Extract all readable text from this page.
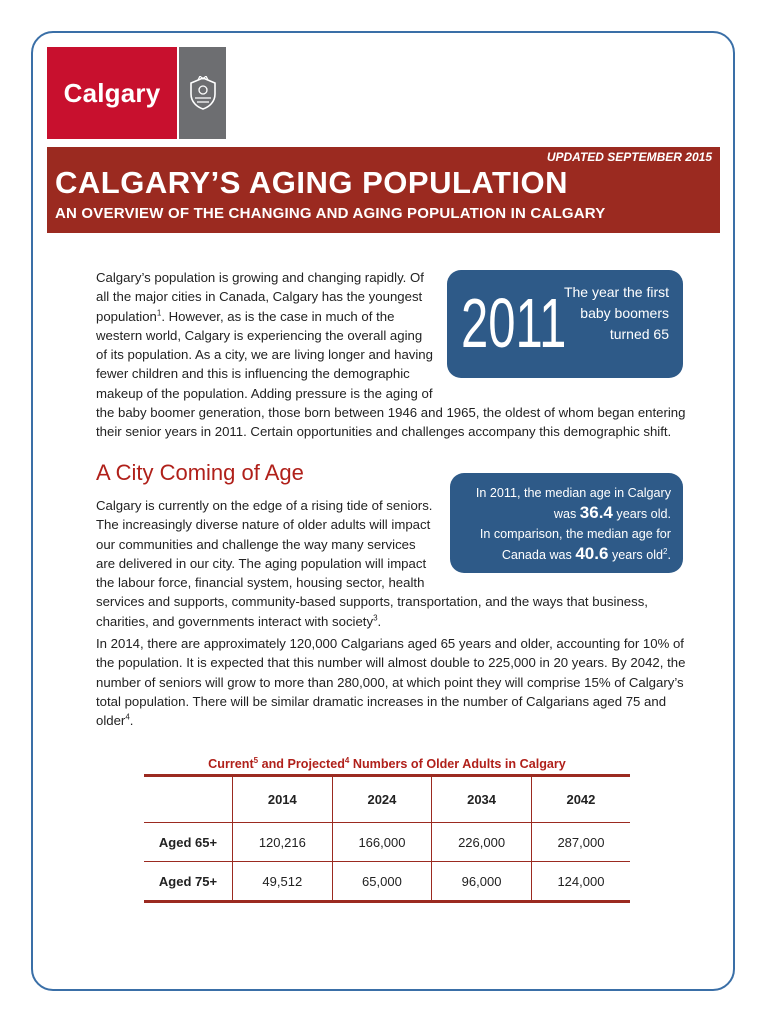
Calgary
UPDATED SEPTEMBER 2015
CALGARY’S AGING POPULATION
AN OVERVIEW OF THE CHANGING AND AGING POPULATION IN CALGARY
Calgary’s population is growing and changing rapidly. Of all the major cities in Canada, Calgary has the youngest population$^1$. However, as is the case in much of the western world, Calgary is experiencing the overall aging of its population. As a city, we are living longer and having fewer children and this is influencing the demographic makeup of the population. Adding pressure is the aging of the baby boomer generation, those born between 1946 and 1965, the oldest of whom began entering their senior years in 2011. Certain opportunities and challenges accompany this demographic shift.
2011
The year the first baby boomers turned 65
A City Coming of Age
Calgary is currently on the edge of a rising tide of seniors. The increasingly diverse nature of older adults will impact our communities and challenge the way many services are delivered in our city. The aging population will impact the labour force, financial system, housing sector, health services and supports, community-based supports, transportation, and the ways that business, charities, and governments interact with society$^3$.
In 2011, the median age in Calgary was 36.4 years old.
In comparison, the median age for Canada was 40.6 years old$^2$.
In 2014, there are approximately 120,000 Calgarians aged 65 years and older, accounting for 10% of the population. It is expected that this number will almost double to 225,000 in 20 years. By 2042, the number of seniors will grow to more than 280,000, at which point they will comprise 15% of Calgary’s total population. There will be similar dramatic increases in the number of Calgarians aged 75 and older$^4$.
Current$^5$ and Projected$^4$ Numbers of Older Adults in Calgary
	2014	2024	2034	2042
Aged 65+	120,216	166,000	226,000	287,000
Aged 75+	49,512	65,000	96,000	124,000
